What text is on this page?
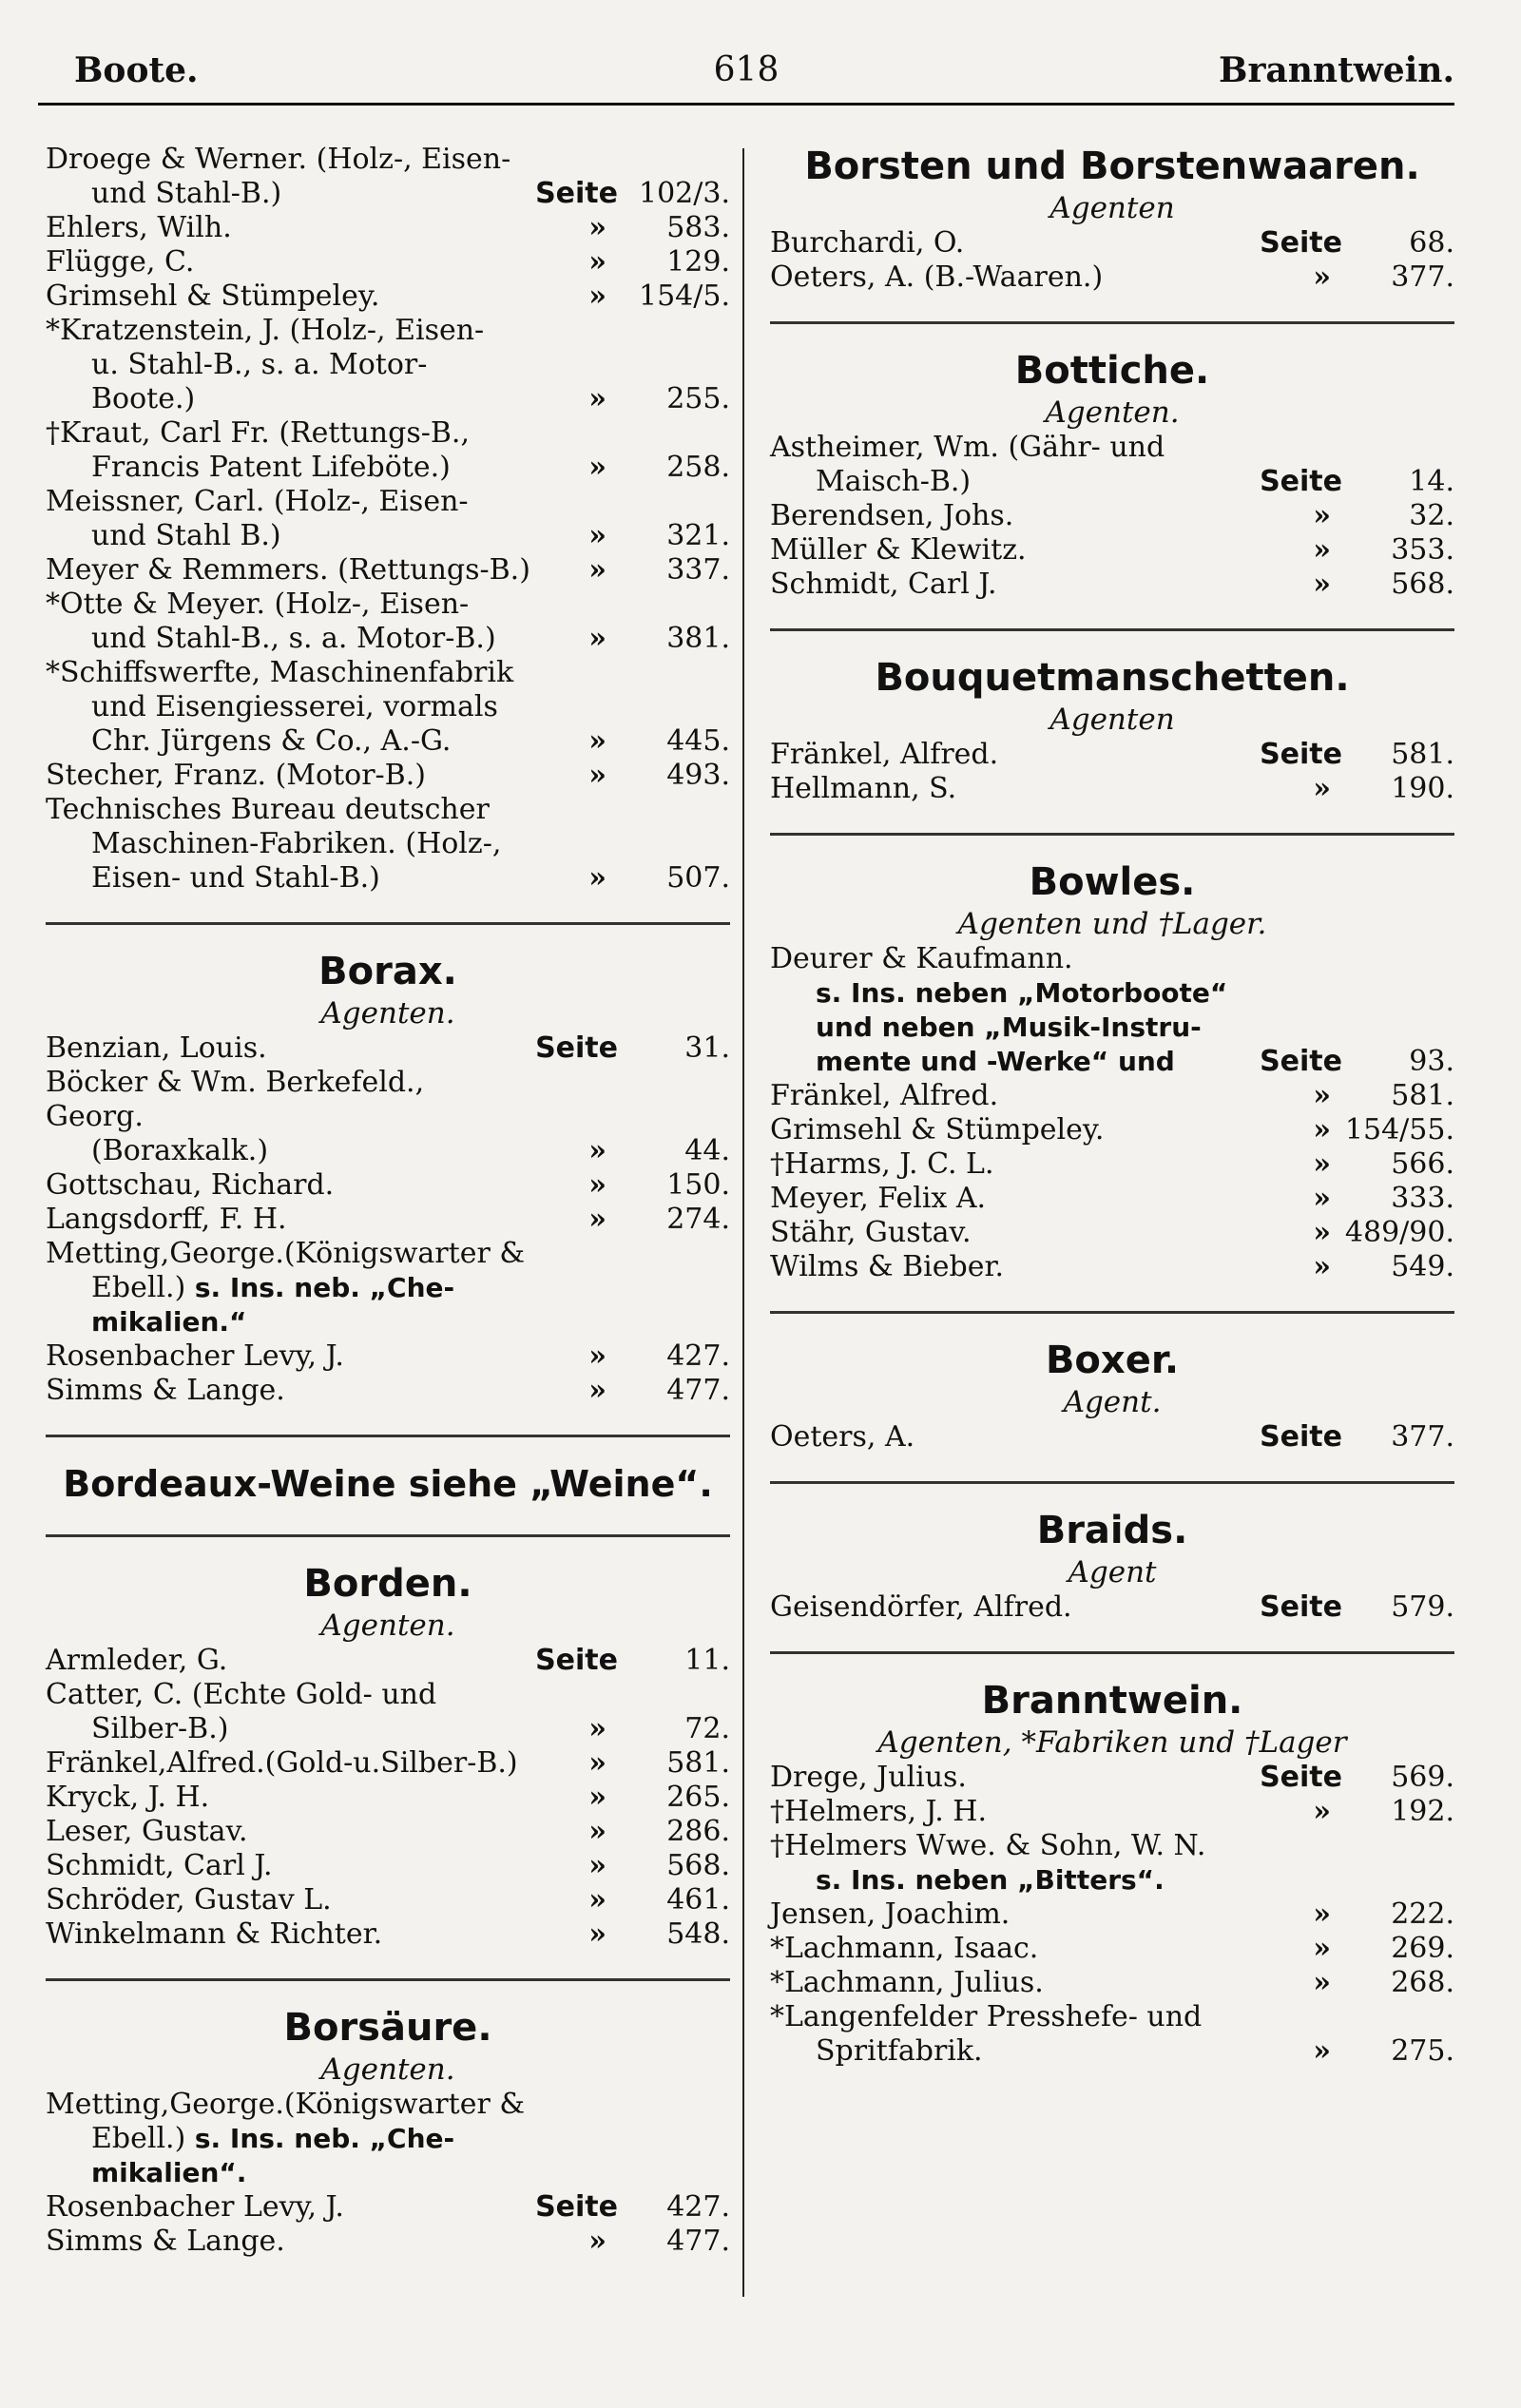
Boote.	618	Branntwein.
Droege & Werner. (Holz-, Eisen-
und Stahl-B.)	Seite 102/3.
Ehlers, Wilh.	» 583.
Flügge, C.	» 129.
Grimsehl & Stümpeley.	» 154/5.
*Kratzenstein, J. (Holz-, Eisen-
u. Stahl-B., s. a. Motor-Boote.)	» 255.
†Kraut, Carl Fr. (Rettungs-B.,
Francis Patent Lifeböte.)	» 258.
Meissner, Carl. (Holz-, Eisen-
und Stahl B.)	» 321.
Meyer & Remmers. (Rettungs-B.)	» 337.
*Otte & Meyer. (Holz-, Eisen-
und Stahl-B., s. a. Motor-B.)	» 381.
*Schiffswerfte, Maschinenfabrik
und Eisengiesserei, vormals
Chr. Jürgens & Co., A.-G.	» 445.
Stecher, Franz. (Motor-B.)	» 493.
Technisches Bureau deutscher
Maschinen-Fabriken. (Holz-,
Eisen- und Stahl-B.)	» 507.
Borax.
Agenten.
Benzian, Louis.	Seite 31.
Böcker & Wm. Berkefeld., Georg.
(Boraxkalk.)	»	44.
Gottschau, Richard.	» 150.
Langsdorff, F. H.	» 274.
Metting,George.(Königswarter &
Ebell.) s. Ins. neb. „Che-
mikalien.“
Rosenbacher Levy, J.	» 427.
Simms & Lange.	» 477.
Bordeaux-Weine siehe „Weine“.
Borden.
Agenten.
Armleder, G.	Seite 11.
Catter, C. (Echte Gold- und
Silber-B.)	»	72.
Fränkel,Alfred.(Gold-u.Silber-B.)	» 581.
Kryck, J. H.	» 265.
Leser, Gustav.	» 286.
Schmidt, Carl J.	» 568.
Schröder, Gustav L.	» 461.
Winkelmann & Richter.	» 548.
Borsäure.
Agenten.
Metting,George.(Königswarter &
Ebell.) s. Ins. neb. „Che-
mikalien“.
Rosenbacher Levy, J.	Seite 427.
Simms & Lange.	» 477.
Borsten und Borstenwaaren.
Agenten
Burchardi, O.	Seite 68.
Oeters, A. (B.-Waaren.)	» 377.
Bottiche.
Agenten.
Astheimer, Wm. (Gähr- und
Maisch-B.)	Seite 14.
Berendsen, Johs.	»	32.
Müller & Klewitz.	» 353.
Schmidt, Carl J.	» 568.
Bouquetmanschetten.
Agenten
Fränkel, Alfred.	Seite 581.
Hellmann, S.	» 190.
Bowles.
Agenten und †Lager.
Deurer & Kaufmann.
s. Ins. neben „Motorboote“
und neben „Musik-Instru-
mente und -Werke“ und	Seite 93.
Fränkel, Alfred.	» 581.
Grimsehl & Stümpeley.	» 154/55.
†Harms, J. C. L.	» 566.
Meyer, Felix A.	» 333.
Stähr, Gustav.	» 489/90.
Wilms & Bieber.	» 549.
Boxer.
Agent.
Oeters, A.	Seite 377.
Braids.
Agent
Geisendörfer, Alfred.	Seite 579.
Branntwein.
Agenten, *Fabriken und †Lager
Drege, Julius.	Seite 569.
†Helmers, J. H.	» 192.
†Helmers Wwe. & Sohn, W. N.
s. Ins. neben „Bitters“.
Jensen, Joachim.	» 222.
*Lachmann, Isaac.	» 269.
*Lachmann, Julius.	» 268.
*Langenfelder Presshefe- und
Spritfabrik.	» 275.
